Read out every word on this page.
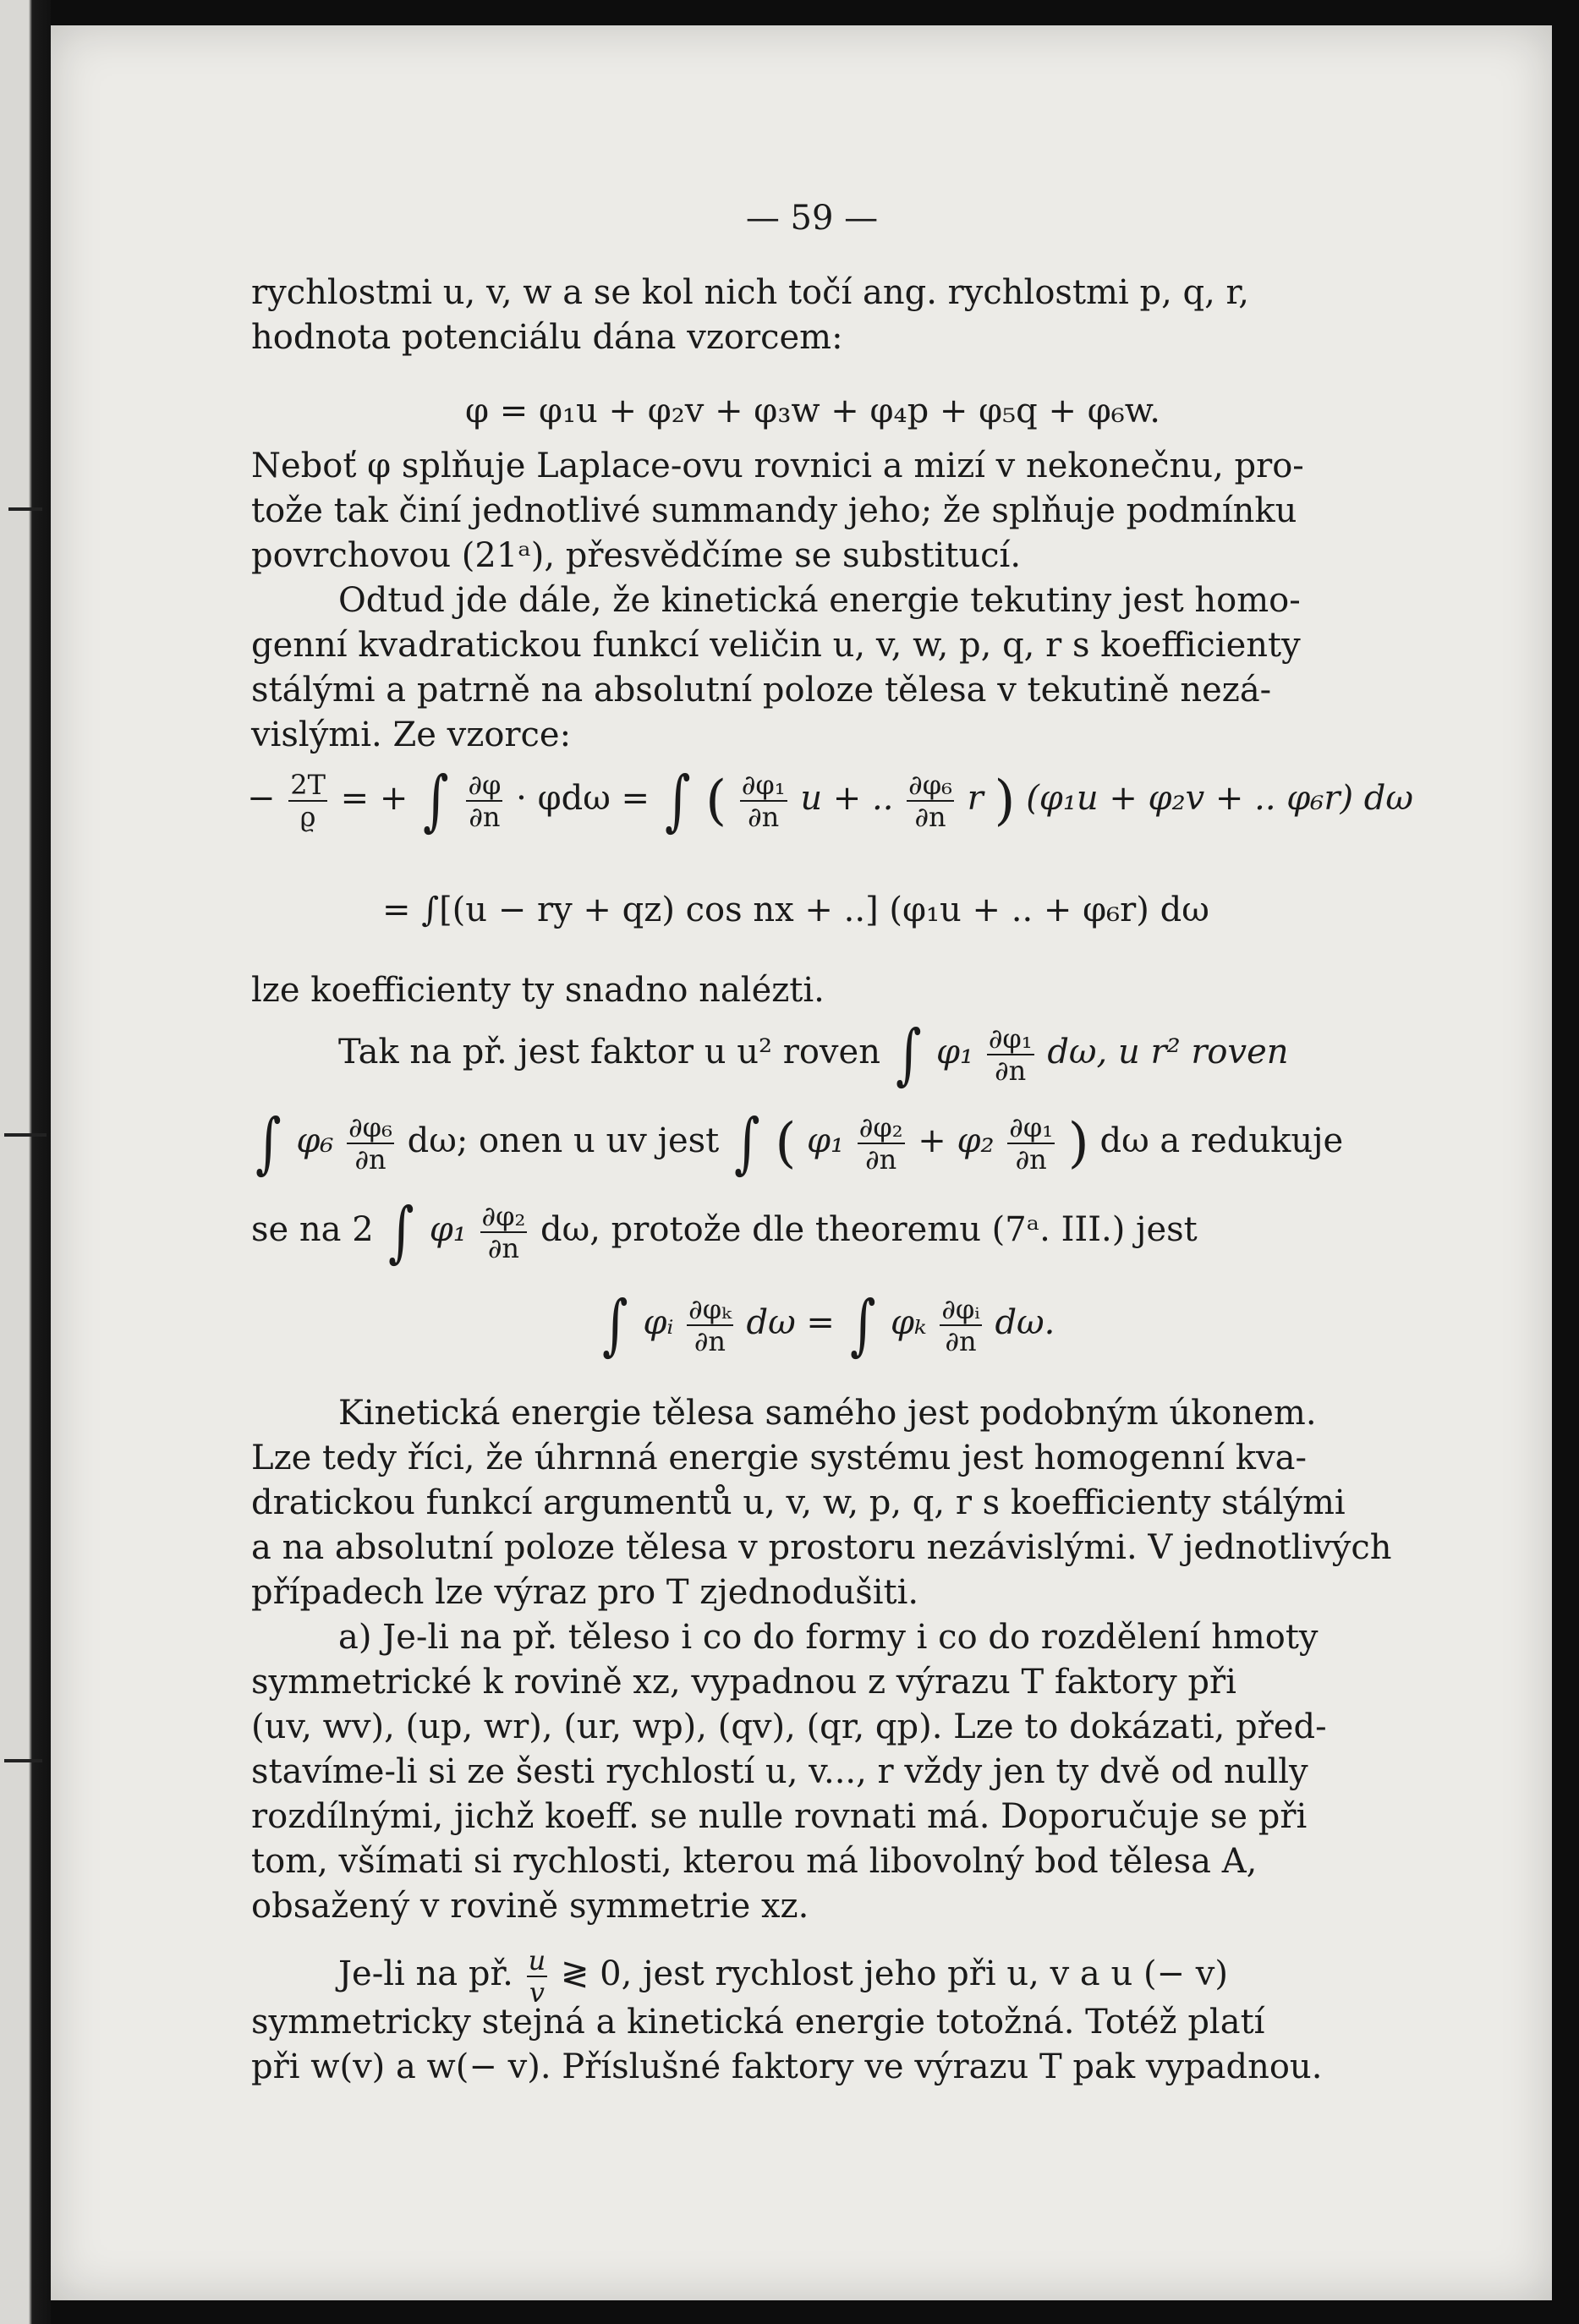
— 59 —
rychlostmi u, v, w a se kol nich točí ang. rychlostmi p, q, r,
hodnota potenciálu dána vzorcem:
φ = φ₁u + φ₂v + φ₃w + φ₄p + φ₅q + φ₆w.
Neboť φ splňuje Laplace-ovu rovnici a mizí v nekonečnu, pro-
tože tak činí jednotlivé summandy jeho; že splňuje podmínku
povrchovou (21ᵃ), přesvědčíme se substitucí.
Odtud jde dále, že kinetická energie tekutiny jest homo-
genní kvadratickou funkcí veličin u, v, w, p, q, r s koefficienty
stálými a patrně na absolutní poloze tělesa v tekutině nezá-
vislými. Ze vzorce:
− $\frac{2T}{ϱ}$ = + ∫ $\frac{\partial\varphi}{\partial n} \cdot \varphi d\omega$ = ∫ ( $\frac{\text{∂φ₁}}{\partial n}$ u + .. $\frac{\text{∂φ₆}}{\partial n}$ r ) (φ₁u + φ₂v + .. φ₆r) dω
= ∫[(u − ry + qz) cos nx + ..] (φ₁u + .. + φ₆r) dω
lze koefficienty ty snadno nalézti.
Tak na př. jest faktor u u² roven ∫ $\varphi_1 \frac{\text{∂φ₁}}{\partial n} d\omega$, u r² roven
∫ $\varphi_6 \frac{\text{∂φ₆}}{\partial n} d\omega$; onen u uv jest ∫ ( $\varphi_1 \frac{\text{∂φ₂}}{\partial n} + \varphi_2 \frac{\text{∂φ₁}}{\partial n}$ ) dω a redukuje
se na 2 ∫ $\varphi_1 \frac{\text{∂φ₂}}{\partial n} d\omega$, protože dle theoremu (7ᵃ. III.) jest
∫ φᵢ $\frac{\text{∂φₖ}}{\partial n}$ dω = ∫ φₖ $\frac{\text{∂φᵢ}}{\partial n} d\omega$.
Kinetická energie tělesa samého jest podobným úkonem.
Lze tedy říci, že úhrnná energie systému jest homogenní kva-
dratickou funkcí argumentů u, v, w, p, q, r s koefficienty stálými
a na absolutní poloze tělesa v prostoru nezávislými. V jednotlivých
případech lze výraz pro T zjednodušiti.
a) Je-li na př. těleso i co do formy i co do rozdělení hmoty
symmetrické k rovině xz, vypadnou z výrazu T faktory při
(uv, wv), (up, wr), (ur, wp), (qv), (qr, qp). Lze to dokázati, před-
stavíme-li si ze šesti rychlostí u, v..., r vždy jen ty dvě od nully
rozdílnými, jichž koeff. se nulle rovnati má. Doporučuje se při
tom, všímati si rychlosti, kterou má libovolný bod tělesa A,
obsažený v rovině symmetrie xz.
Je-li na př. $\frac{u}{v}$ ≷ 0, jest rychlost jeho při u, v a u (− v)
symmetricky stejná a kinetická energie totožná. Totéž platí
při w(v) a w(− v). Příslušné faktory ve výrazu T pak vypadnou.
